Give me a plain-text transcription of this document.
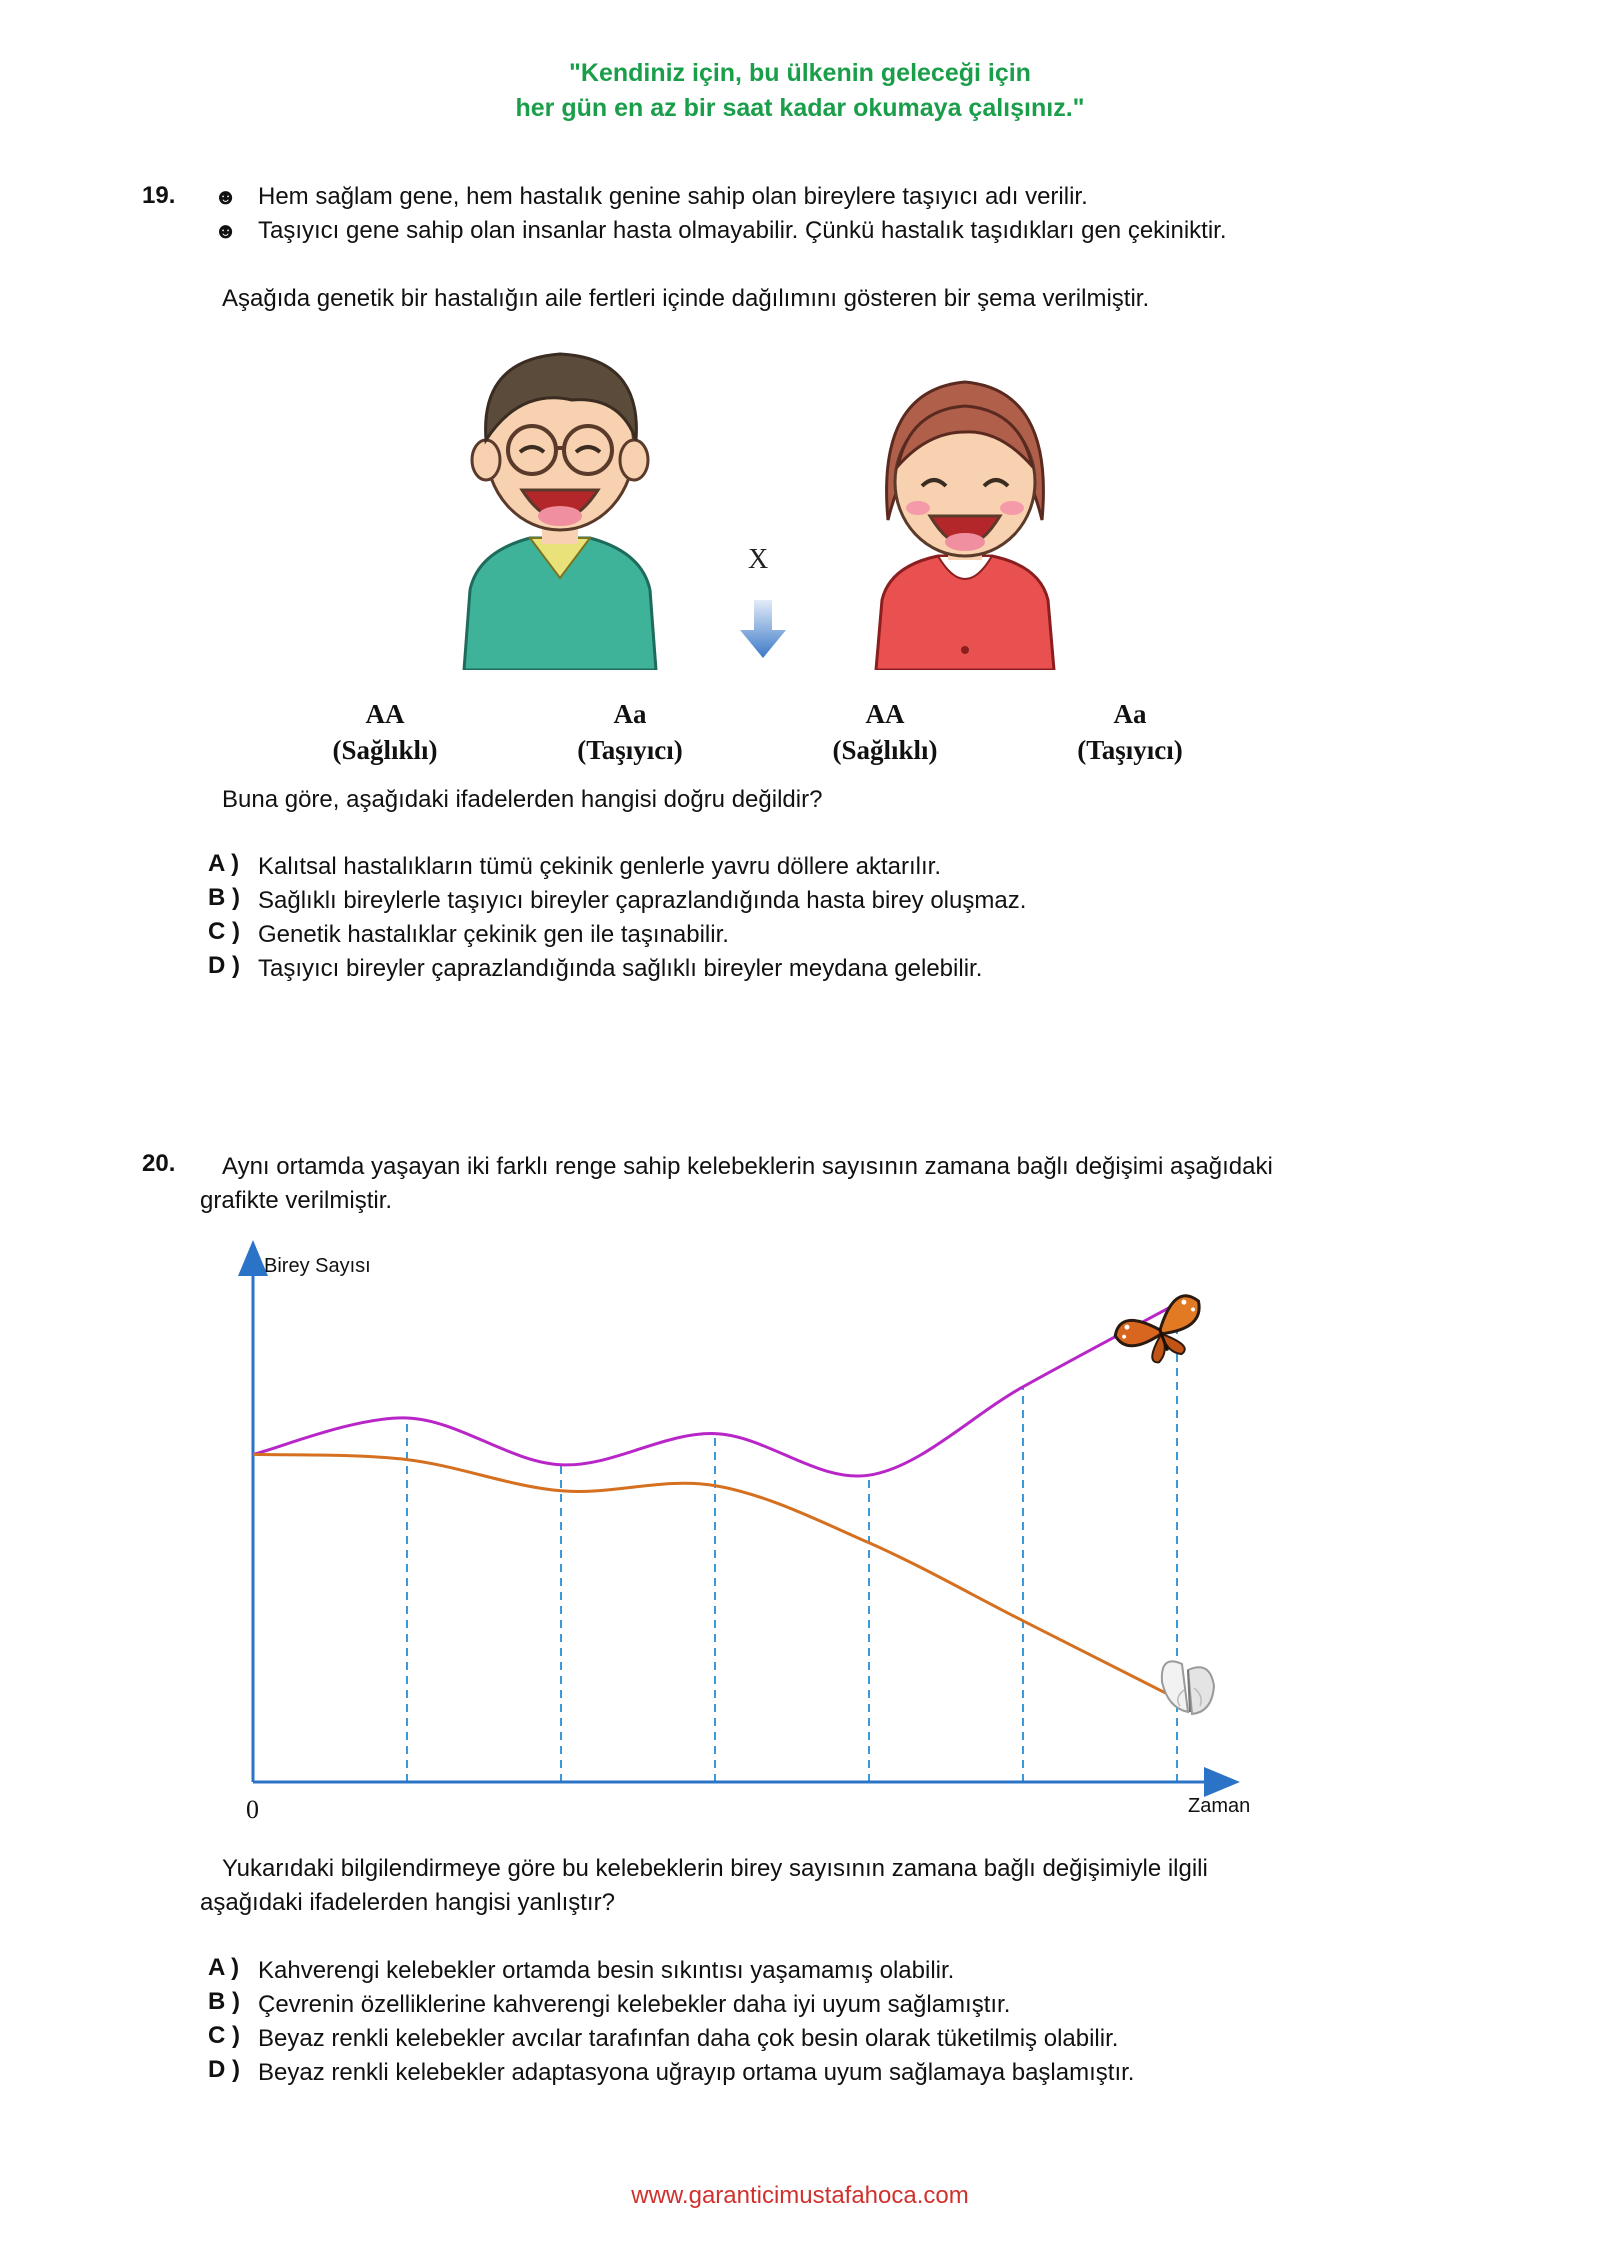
"Kendiniz için, bu ülkenin geleceği için
her gün en az bir saat kadar okumaya çalışınız."
19. ☻ Hem sağlam gene, hem hastalık genine sahip olan bireylere taşıyıcı adı verilir.
☻ Taşıyıcı gene sahip olan insanlar hasta olmayabilir. Çünkü hastalık taşıdıkları gen çekiniktir.
Aşağıda genetik bir hastalığın aile fertleri içinde dağılımını gösteren bir şema verilmiştir.
X
AA
(Sağlıklı)
Aa
(Taşıyıcı)
AA
(Sağlıklı)
Aa
(Taşıyıcı)
Buna göre, aşağıdaki ifadelerden hangisi doğru değildir?
A ) Kalıtsal hastalıkların tümü çekinik genlerle yavru döllere aktarılır.
B ) Sağlıklı bireylerle taşıyıcı bireyler çaprazlandığında hasta birey oluşmaz.
C ) Genetik hastalıklar çekinik gen ile taşınabilir.
D ) Taşıyıcı bireyler çaprazlandığında sağlıklı bireyler meydana gelebilir.
20. Aynı ortamda yaşayan iki farklı renge sahip kelebeklerin sayısının zamana bağlı değişimi aşağıdaki
grafikte verilmiştir.
Birey Sayısı
Zaman
0
Yukarıdaki bilgilendirmeye göre bu kelebeklerin birey sayısının zamana bağlı değişimiyle ilgili
aşağıdaki ifadelerden hangisi yanlıştır?
A ) Kahverengi kelebekler ortamda besin sıkıntısı yaşamamış olabilir.
B ) Çevrenin özelliklerine kahverengi kelebekler daha iyi uyum sağlamıştır.
C ) Beyaz renkli kelebekler avcılar tarafınfan daha çok besin olarak tüketilmiş olabilir.
D ) Beyaz renkli kelebekler adaptasyona uğrayıp ortama uyum sağlamaya başlamıştır.
www.garanticimustafahoca.com
